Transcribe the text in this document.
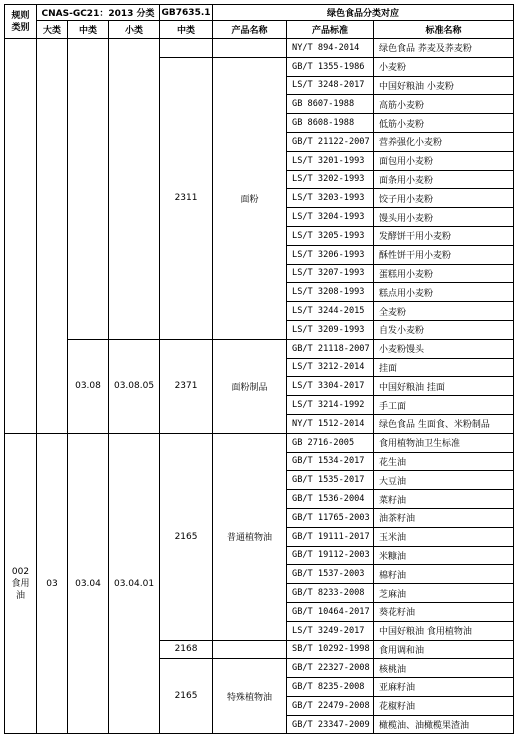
规则
类别	CNAS-GC21：2013 分类			GB7635.1	绿色食品分类对应		
	大类	中类	小类	中类	产品名称	产品标准	标准名称
						NY/T 894-2014	绿色食品 荞麦及荞麦粉
				2311	面粉	GB/T 1355-1986	小麦粉
						LS/T 3248-2017	中国好粮油 小麦粉
						GB 8607-1988	高筋小麦粉
						GB 8608-1988	低筋小麦粉
						GB/T 21122-2007	营养强化小麦粉
						LS/T 3201-1993	面包用小麦粉
						LS/T 3202-1993	面条用小麦粉
						LS/T 3203-1993	饺子用小麦粉
						LS/T 3204-1993	馒头用小麦粉
						LS/T 3205-1993	发酵饼干用小麦粉
						LS/T 3206-1993	酥性饼干用小麦粉
						LS/T 3207-1993	蛋糕用小麦粉
						LS/T 3208-1993	糕点用小麦粉
						LS/T 3244-2015	全麦粉
						LS/T 3209-1993	自发小麦粉
		03.08	03.08.05	2371	面粉制品	GB/T 21118-2007	小麦粉馒头
						LS/T 3212-2014	挂面
						LS/T 3304-2017	中国好粮油 挂面
						LS/T 3214-1992	手工面
						NY/T 1512-2014	绿色食品 生面食、米粉制品
002
食用
油	03	03.04	03.04.01	2165	普通植物油	GB 2716-2005	食用植物油卫生标准
						GB/T 1534-2017	花生油
						GB/T 1535-2017	大豆油
						GB/T 1536-2004	菜籽油
						GB/T 11765-2003	油茶籽油
						GB/T 19111-2017	玉米油
						GB/T 19112-2003	米糠油
						GB/T 1537-2003	棉籽油
						GB/T 8233-2008	芝麻油
						GB/T 10464-2017	葵花籽油
						LS/T 3249-2017	中国好粮油 食用植物油
				2168		SB/T 10292-1998	食用调和油
				2165	特殊植物油	GB/T 22327-2008	核桃油
						GB/T 8235-2008	亚麻籽油
						GB/T 22479-2008	花椒籽油
						GB/T 23347-2009	橄榄油、油橄榄果渣油
